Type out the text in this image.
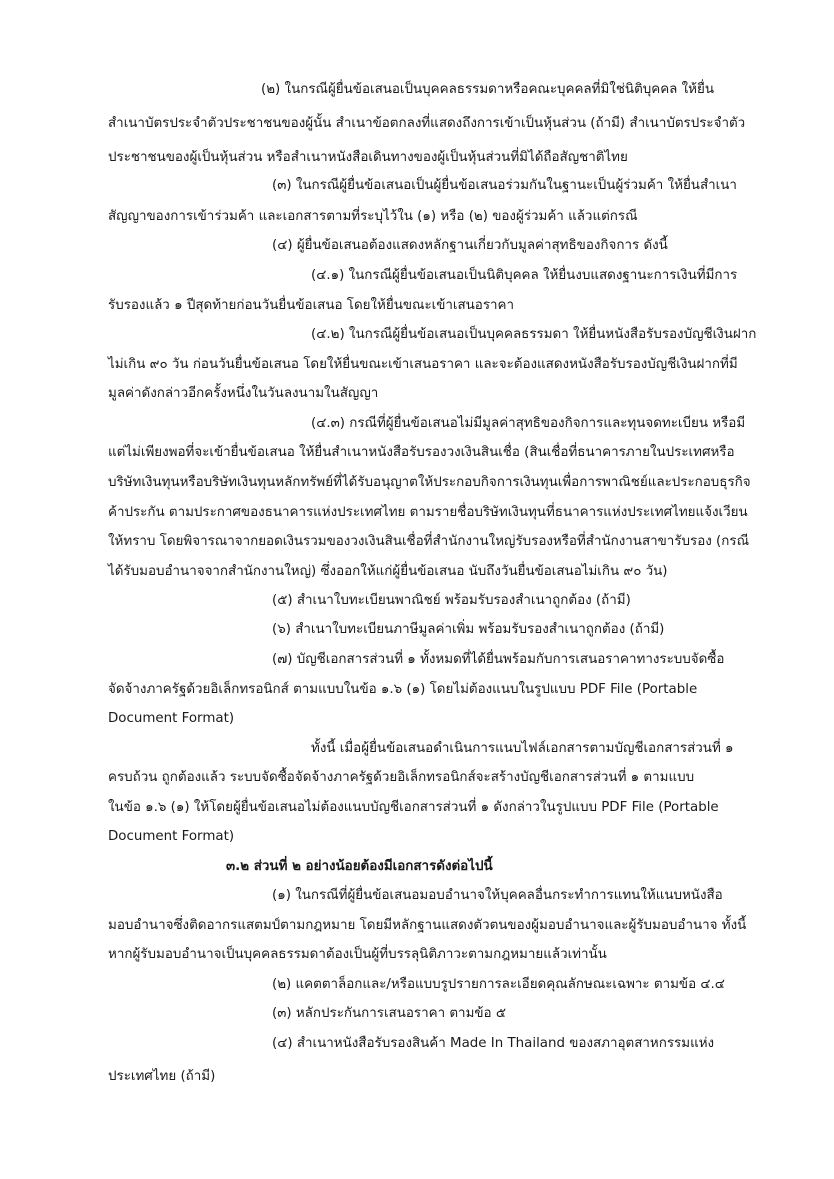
(๒) ในกรณีผู้ยื่นข้อเสนอเป็นบุคคลธรรมดาหรือคณะบุคคลที่มิใช่นิติบุคคล ให้ยื่น

สำเนาบัตรประจำตัวประชาชนของผู้นั้น สำเนาข้อตกลงที่แสดงถึงการเข้าเป็นหุ้นส่วน (ถ้ามี) สำเนาบัตรประจำตัว

ประชาชนของผู้เป็นหุ้นส่วน หรือสำเนาหนังสือเดินทางของผู้เป็นหุ้นส่วนที่มิได้ถือสัญชาติไทย

(๓) ในกรณีผู้ยื่นข้อเสนอเป็นผู้ยื่นข้อเสนอร่วมกันในฐานะเป็นผู้ร่วมค้า ให้ยื่นสำเนา

สัญญาของการเข้าร่วมค้า และเอกสารตามที่ระบุไว้ใน (๑) หรือ (๒) ของผู้ร่วมค้า แล้วแต่กรณี

(๔) ผู้ยื่นข้อเสนอต้องแสดงหลักฐานเกี่ยวกับมูลค่าสุทธิของกิจการ ดังนี้

(๔.๑) ในกรณีผู้ยื่นข้อเสนอเป็นนิติบุคคล ให้ยื่นงบแสดงฐานะการเงินที่มีการ

รับรองแล้ว ๑ ปีสุดท้ายก่อนวันยื่นข้อเสนอ โดยให้ยื่นขณะเข้าเสนอราคา

(๔.๒) ในกรณีผู้ยื่นข้อเสนอเป็นบุคคลธรรมดา ให้ยื่นหนังสือรับรองบัญชีเงินฝาก

ไม่เกิน ๙๐ วัน ก่อนวันยื่นข้อเสนอ โดยให้ยื่นขณะเข้าเสนอราคา และจะต้องแสดงหนังสือรับรองบัญชีเงินฝากที่มี

มูลค่าดังกล่าวอีกครั้งหนึ่งในวันลงนามในสัญญา

(๔.๓) กรณีที่ผู้ยื่นข้อเสนอไม่มีมูลค่าสุทธิของกิจการและทุนจดทะเบียน หรือมี

แต่ไม่เพียงพอที่จะเข้ายื่นข้อเสนอ ให้ยื่นสำเนาหนังสือรับรองวงเงินสินเชื่อ (สินเชื่อที่ธนาคารภายในประเทศหรือ

บริษัทเงินทุนหรือบริษัทเงินทุนหลักทรัพย์ที่ได้รับอนุญาตให้ประกอบกิจการเงินทุนเพื่อการพาณิชย์และประกอบธุรกิจ

ค้าประกัน ตามประกาศของธนาคารแห่งประเทศไทย ตามรายชื่อบริษัทเงินทุนที่ธนาคารแห่งประเทศไทยแจ้งเวียน

ให้ทราบ โดยพิจารณาจากยอดเงินรวมของวงเงินสินเชื่อที่สำนักงานใหญ่รับรองหรือที่สำนักงานสาขารับรอง (กรณี

ได้รับมอบอำนาจจากสำนักงานใหญ่) ซึ่งออกให้แก่ผู้ยื่นข้อเสนอ นับถึงวันยื่นข้อเสนอไม่เกิน ๙๐ วัน)

(๕) สำเนาใบทะเบียนพาณิชย์ พร้อมรับรองสำเนาถูกต้อง (ถ้ามี)

(๖) สำเนาใบทะเบียนภาษีมูลค่าเพิ่ม พร้อมรับรองสำเนาถูกต้อง (ถ้ามี)

(๗) บัญชีเอกสารส่วนที่ ๑ ทั้งหมดที่ได้ยื่นพร้อมกับการเสนอราคาทางระบบจัดซื้อ

จัดจ้างภาครัฐด้วยอิเล็กทรอนิกส์ ตามแบบในข้อ ๑.๖ (๑) โดยไม่ต้องแนบในรูปแบบ PDF File (Portable

Document Format)

ทั้งนี้ เมื่อผู้ยื่นข้อเสนอดำเนินการแนบไฟล์เอกสารตามบัญชีเอกสารส่วนที่ ๑

ครบถ้วน ถูกต้องแล้ว ระบบจัดซื้อจัดจ้างภาครัฐด้วยอิเล็กทรอนิกส์จะสร้างบัญชีเอกสารส่วนที่ ๑ ตามแบบ

ในข้อ ๑.๖ (๑) ให้โดยผู้ยื่นข้อเสนอไม่ต้องแนบบัญชีเอกสารส่วนที่ ๑ ดังกล่าวในรูปแบบ PDF File (Portable

Document Format)

๓.๒ ส่วนที่ ๒ อย่างน้อยต้องมีเอกสารดังต่อไปนี้

(๑) ในกรณีที่ผู้ยื่นข้อเสนอมอบอำนาจให้บุคคลอื่นกระทำการแทนให้แนบหนังสือ

มอบอำนาจซึ่งติดอากรแสตมป์ตามกฎหมาย โดยมีหลักฐานแสดงตัวตนของผู้มอบอำนาจและผู้รับมอบอำนาจ ทั้งนี้

หากผู้รับมอบอำนาจเป็นบุคคลธรรมดาต้องเป็นผู้ที่บรรลุนิติภาวะตามกฎหมายแล้วเท่านั้น

(๒) แคตตาล็อกและ/หรือแบบรูปรายการละเอียดคุณลักษณะเฉพาะ ตามข้อ ๔.๔

(๓) หลักประกันการเสนอราคา ตามข้อ ๕

(๔) สำเนาหนังสือรับรองสินค้า Made In Thailand ของสภาอุตสาหกรรมแห่ง

ประเทศไทย (ถ้ามี)
